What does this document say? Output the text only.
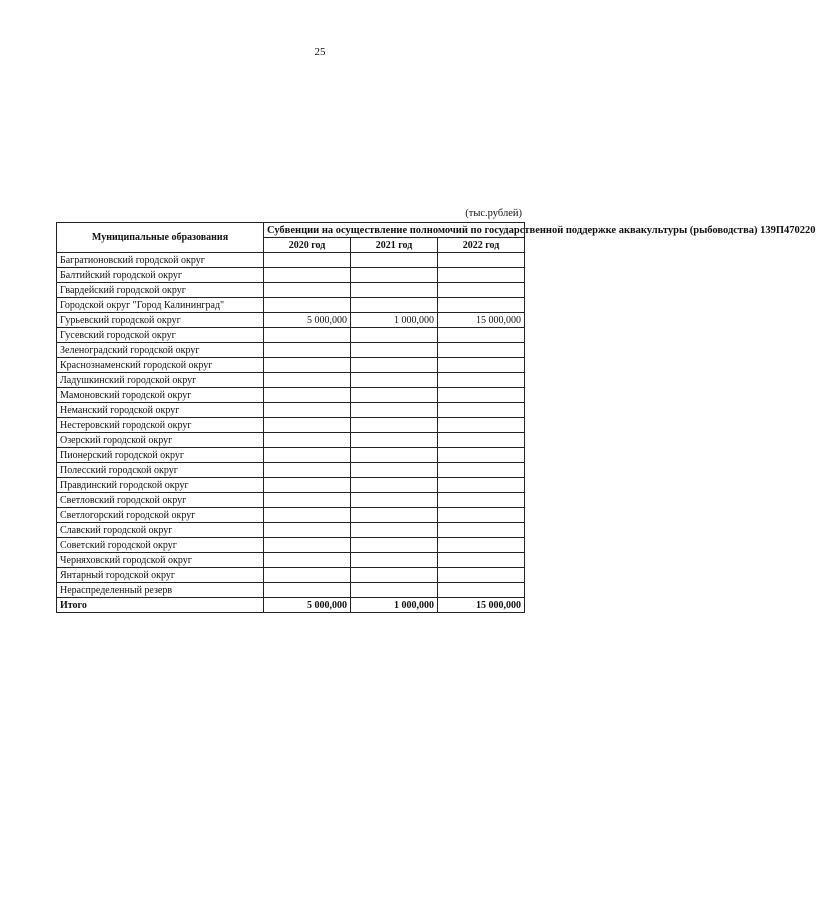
25
(тыс.рублей)
Муниципальные образования	Субвенции на осуществление полномочий по государственной поддержке аквакультуры (рыбоводства) 139П470220		
	2020 год	2021 год	2022 год
Багратионовский городской округ			
Балтийский городской округ			
Гвардейский городской округ			
Городской округ "Город Калининград"			
Гурьевский городской округ	5 000,000	1 000,000	15 000,000
Гусевский городской округ			
Зеленоградский городской округ			
Краснознаменский городской округ			
Ладушкинский городской округ			
Мамоновский городской округ			
Неманский городской округ			
Нестеровский городской округ			
Озерский городской округ			
Пионерский городской округ			
Полесский городской округ			
Правдинский городской округ			
Светловский городской округ			
Светлогорский городской округ			
Славский городской округ			
Советский городской округ			
Черняховский городской округ			
Янтарный городской округ			
Нераспределенный резерв			
Итого	5 000,000	1 000,000	15 000,000
